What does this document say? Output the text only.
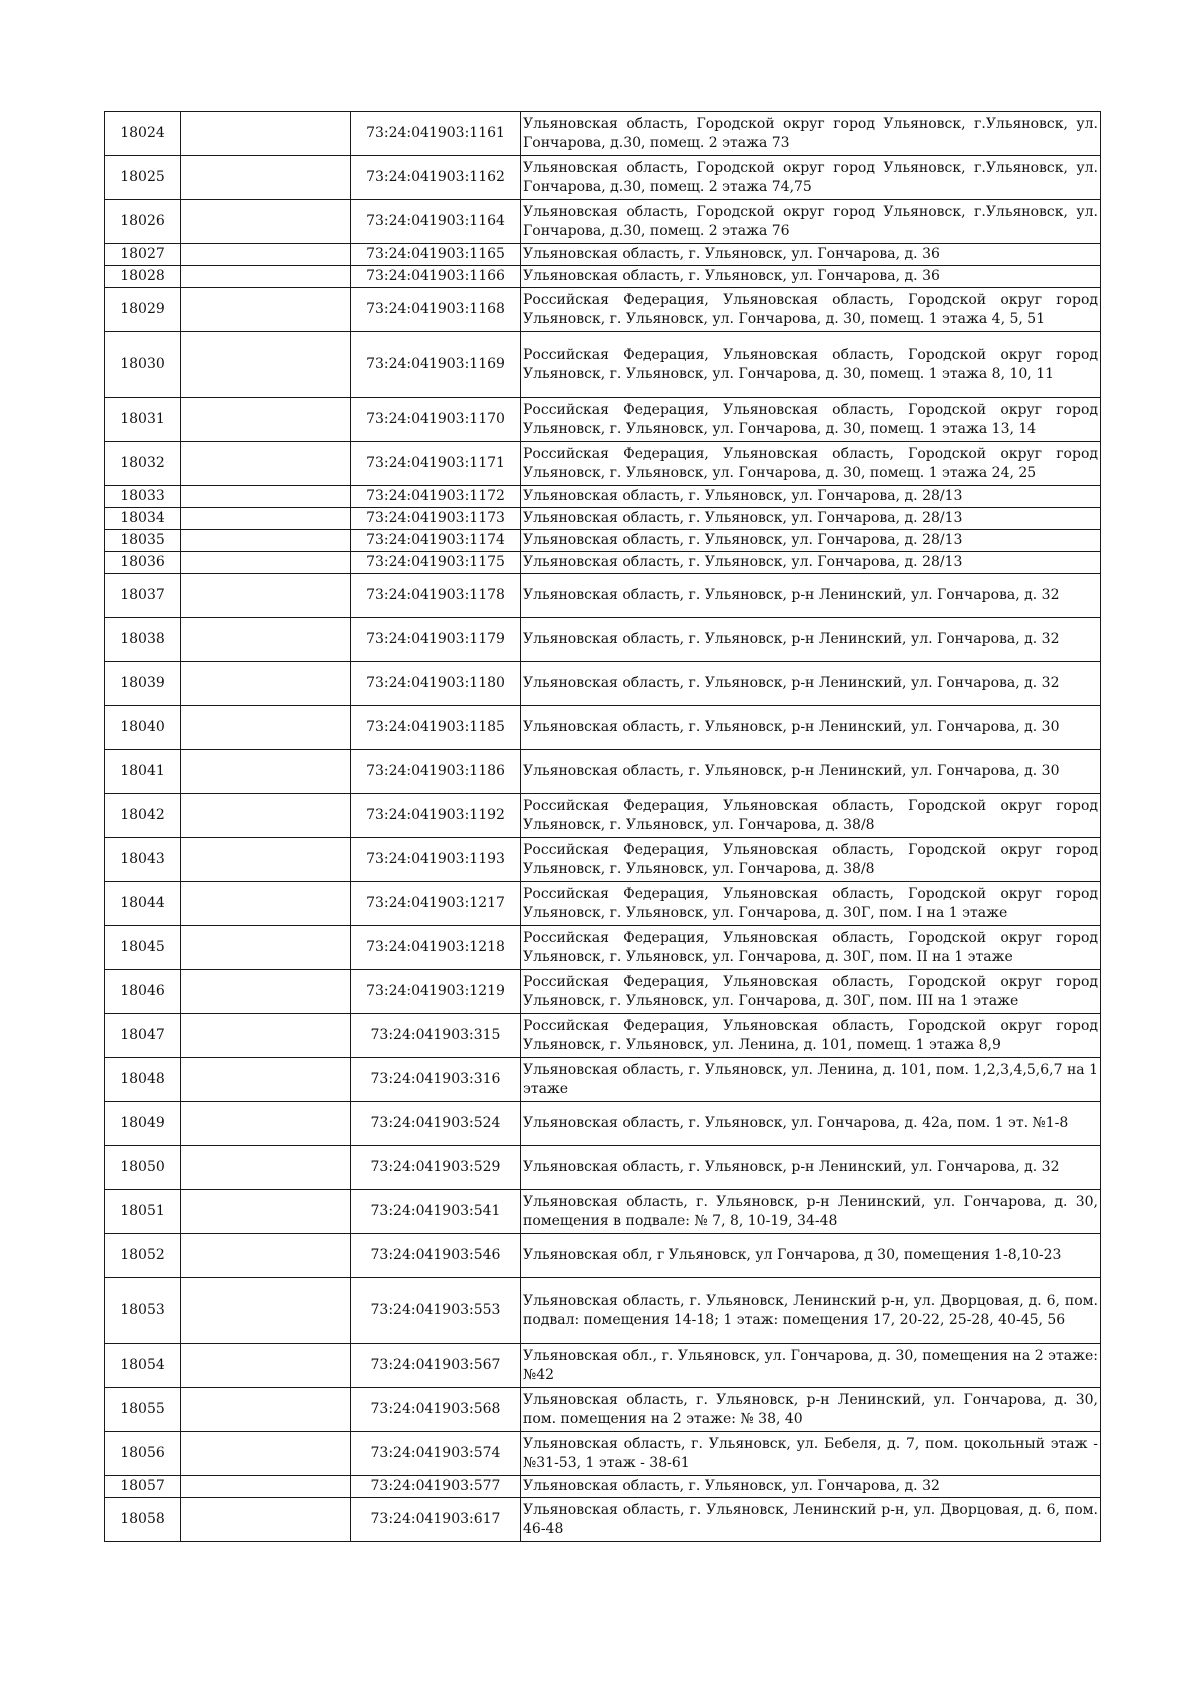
18024		73:24:041903:1161	Ульяновская область, Городской округ город Ульяновск, г.Ульяновск, ул. Гончарова, д.30, помещ. 2 этажа 73
18025		73:24:041903:1162	Ульяновская область, Городской округ город Ульяновск, г.Ульяновск, ул. Гончарова, д.30, помещ. 2 этажа 74,75
18026		73:24:041903:1164	Ульяновская область, Городской округ город Ульяновск, г.Ульяновск, ул. Гончарова, д.30, помещ. 2 этажа 76
18027		73:24:041903:1165	Ульяновская область, г. Ульяновск, ул. Гончарова, д. 36
18028		73:24:041903:1166	Ульяновская область, г. Ульяновск, ул. Гончарова, д. 36
18029		73:24:041903:1168	Российская Федерация, Ульяновская область, Городской округ город Ульяновск, г. Ульяновск, ул. Гончарова, д. 30, помещ. 1 этажа 4, 5, 51
18030		73:24:041903:1169	Российская Федерация, Ульяновская область, Городской округ город Ульяновск, г. Ульяновск, ул. Гончарова, д. 30, помещ. 1 этажа 8, 10, 11
18031		73:24:041903:1170	Российская Федерация, Ульяновская область, Городской округ город Ульяновск, г. Ульяновск, ул. Гончарова, д. 30, помещ. 1 этажа 13, 14
18032		73:24:041903:1171	Российская Федерация, Ульяновская область, Городской округ город Ульяновск, г. Ульяновск, ул. Гончарова, д. 30, помещ. 1 этажа 24, 25
18033		73:24:041903:1172	Ульяновская область, г. Ульяновск, ул. Гончарова, д. 28/13
18034		73:24:041903:1173	Ульяновская область, г. Ульяновск, ул. Гончарова, д. 28/13
18035		73:24:041903:1174	Ульяновская область, г. Ульяновск, ул. Гончарова, д. 28/13
18036		73:24:041903:1175	Ульяновская область, г. Ульяновск, ул. Гончарова, д. 28/13
18037		73:24:041903:1178	Ульяновская область, г. Ульяновск, р-н Ленинский, ул. Гончарова, д. 32
18038		73:24:041903:1179	Ульяновская область, г. Ульяновск, р-н Ленинский, ул. Гончарова, д. 32
18039		73:24:041903:1180	Ульяновская область, г. Ульяновск, р-н Ленинский, ул. Гончарова, д. 32
18040		73:24:041903:1185	Ульяновская область, г. Ульяновск, р-н Ленинский, ул. Гончарова, д. 30
18041		73:24:041903:1186	Ульяновская область, г. Ульяновск, р-н Ленинский, ул. Гончарова, д. 30
18042		73:24:041903:1192	Российская Федерация, Ульяновская область, Городской округ город Ульяновск, г. Ульяновск, ул. Гончарова, д. 38/8
18043		73:24:041903:1193	Российская Федерация, Ульяновская область, Городской округ город Ульяновск, г. Ульяновск, ул. Гончарова, д. 38/8
18044		73:24:041903:1217	Российская Федерация, Ульяновская область, Городской округ город Ульяновск, г. Ульяновск, ул. Гончарова, д. 30Г, пом. I на 1 этаже
18045		73:24:041903:1218	Российская Федерация, Ульяновская область, Городской округ город Ульяновск, г. Ульяновск, ул. Гончарова, д. 30Г, пом. II на 1 этаже
18046		73:24:041903:1219	Российская Федерация, Ульяновская область, Городской округ город Ульяновск, г. Ульяновск, ул. Гончарова, д. 30Г, пом. III на 1 этаже
18047		73:24:041903:315	Российская Федерация, Ульяновская область, Городской округ город Ульяновск, г. Ульяновск, ул. Ленина, д. 101, помещ. 1 этажа 8,9
18048		73:24:041903:316	Ульяновская область, г. Ульяновск, ул. Ленина, д. 101, пом. 1,2,3,4,5,6,7 на 1 этаже
18049		73:24:041903:524	Ульяновская область, г. Ульяновск, ул. Гончарова, д. 42а, пом. 1 эт. №1-8
18050		73:24:041903:529	Ульяновская область, г. Ульяновск, р-н Ленинский, ул. Гончарова, д. 32
18051		73:24:041903:541	Ульяновская область, г. Ульяновск, р-н Ленинский, ул. Гончарова, д. 30, помещения в подвале: № 7, 8, 10-19, 34-48
18052		73:24:041903:546	Ульяновская обл, г Ульяновск, ул Гончарова, д 30, помещения 1-8,10-23
18053		73:24:041903:553	Ульяновская область, г. Ульяновск, Ленинский р-н, ул. Дворцовая, д. 6, пом. подвал: помещения 14-18; 1 этаж: помещения 17, 20-22, 25-28, 40-45, 56
18054		73:24:041903:567	Ульяновская обл., г. Ульяновск, ул. Гончарова, д. 30, помещения на 2 этаже: №42
18055		73:24:041903:568	Ульяновская область, г. Ульяновск, р-н Ленинский, ул. Гончарова, д. 30, пом. помещения на 2 этаже: № 38, 40
18056		73:24:041903:574	Ульяновская область, г. Ульяновск, ул. Бебеля, д. 7, пом. цокольный этаж - №31-53, 1 этаж - 38-61
18057		73:24:041903:577	Ульяновская область, г. Ульяновск, ул. Гончарова, д. 32
18058		73:24:041903:617	Ульяновская область, г. Ульяновск, Ленинский р-н, ул. Дворцовая, д. 6, пом. 46-48
